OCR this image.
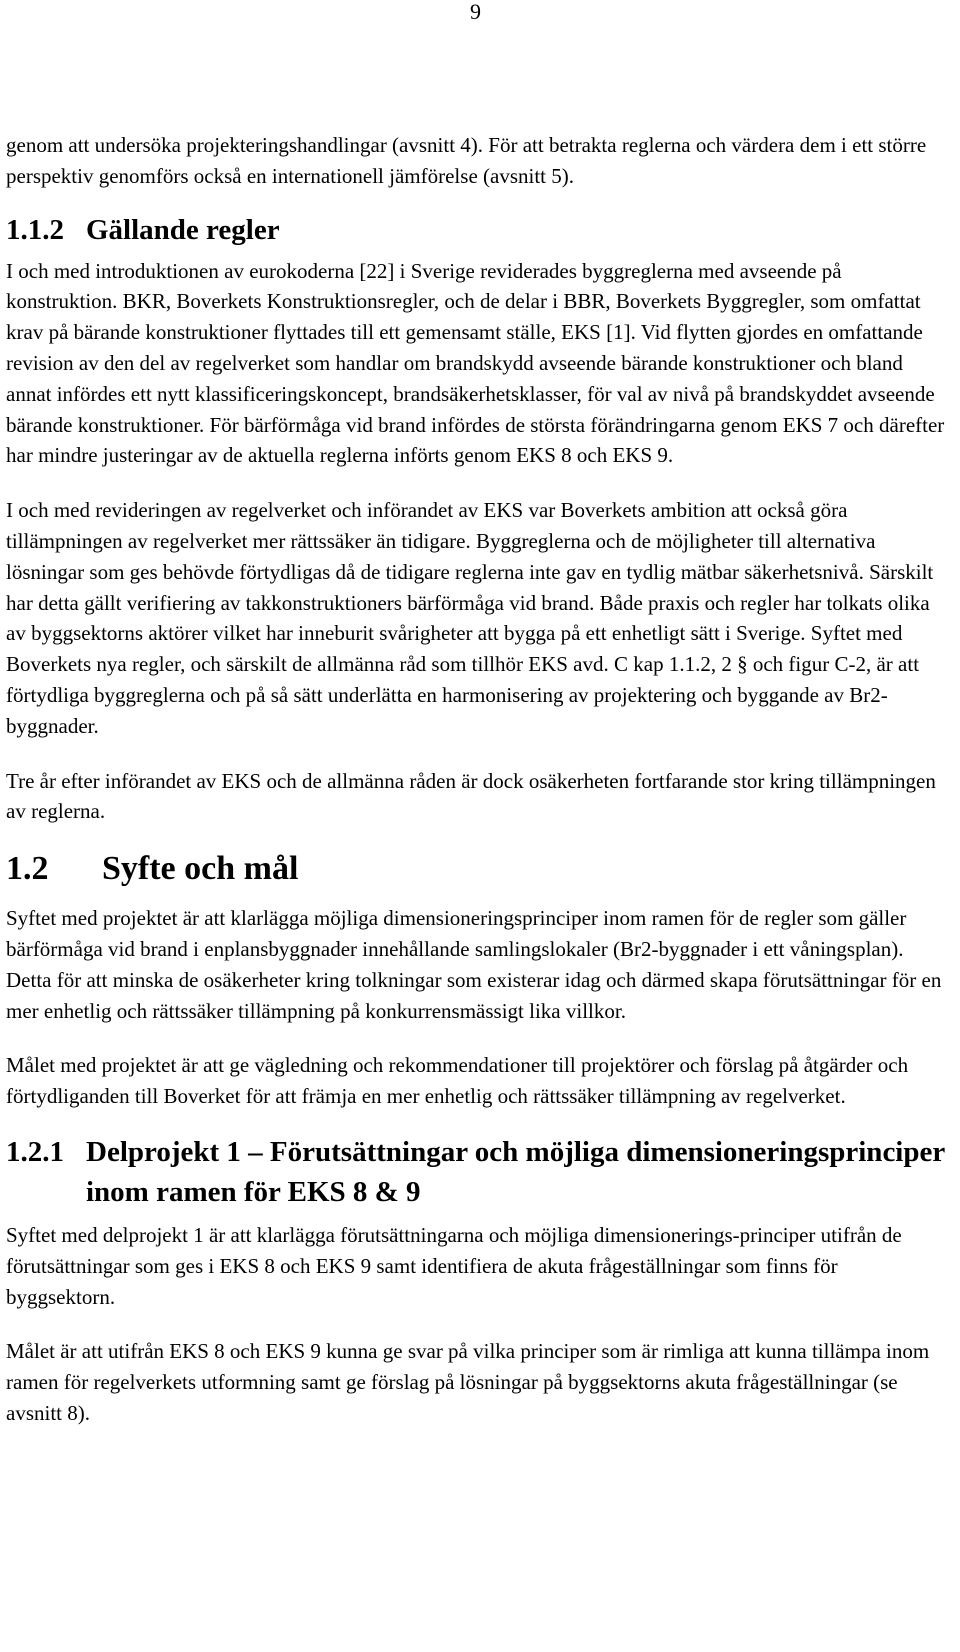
9

genom att undersöka projekteringshandlingar (avsnitt 4). För att betrakta reglerna och värdera dem i ett större perspektiv genomförs också en internationell jämförelse (avsnitt 5).

1.1.2 Gällande regler

I och med introduktionen av eurokoderna [22] i Sverige reviderades byggreglerna med avseende på konstruktion. BKR, Boverkets Konstruktionsregler, och de delar i BBR, Boverkets Byggregler, som omfattat krav på bärande konstruktioner flyttades till ett gemensamt ställe, EKS [1]. Vid flytten gjordes en omfattande revision av den del av regelverket som handlar om brandskydd avseende bärande konstruktioner och bland annat infördes ett nytt klassificeringskoncept, brandsäkerhetsklasser, för val av nivå på brandskyddet avseende bärande konstruktioner. För bärförmåga vid brand infördes de största förändringarna genom EKS 7 och därefter har mindre justeringar av de aktuella reglerna införts genom EKS 8 och EKS 9.

I och med revideringen av regelverket och införandet av EKS var Boverkets ambition att också göra tillämpningen av regelverket mer rättssäker än tidigare. Byggreglerna och de möjligheter till alternativa lösningar som ges behövde förtydligas då de tidigare reglerna inte gav en tydlig mätbar säkerhetsnivå. Särskilt har detta gällt verifiering av takkonstruktioners bärförmåga vid brand. Både praxis och regler har tolkats olika av byggsektorns aktörer vilket har inneburit svårigheter att bygga på ett enhetligt sätt i Sverige. Syftet med Boverkets nya regler, och särskilt de allmänna råd som tillhör EKS avd. C kap 1.1.2, 2 § och figur C-2, är att förtydliga byggreglerna och på så sätt underlätta en harmonisering av projektering och byggande av Br2-byggnader.

Tre år efter införandet av EKS och de allmänna råden är dock osäkerheten fortfarande stor kring tillämpningen av reglerna.

1.2 Syfte och mål

Syftet med projektet är att klarlägga möjliga dimensioneringsprinciper inom ramen för de regler som gäller bärförmåga vid brand i enplansbyggnader innehållande samlingslokaler (Br2-byggnader i ett våningsplan). Detta för att minska de osäkerheter kring tolkningar som existerar idag och därmed skapa förutsättningar för en mer enhetlig och rättssäker tillämpning på konkurrensmässigt lika villkor.

Målet med projektet är att ge vägledning och rekommendationer till projektörer och förslag på åtgärder och förtydliganden till Boverket för att främja en mer enhetlig och rättssäker tillämpning av regelverket.

1.2.1 Delprojekt 1 – Förutsättningar och möjliga dimensioneringsprinciper inom ramen för EKS 8 & 9

Syftet med delprojekt 1 är att klarlägga förutsättningarna och möjliga dimensionerings-principer utifrån de förutsättningar som ges i EKS 8 och EKS 9 samt identifiera de akuta frågeställningar som finns för byggsektorn.

Målet är att utifrån EKS 8 och EKS 9 kunna ge svar på vilka principer som är rimliga att kunna tillämpa inom ramen för regelverkets utformning samt ge förslag på lösningar på byggsektorns akuta frågeställningar (se avsnitt 8).
